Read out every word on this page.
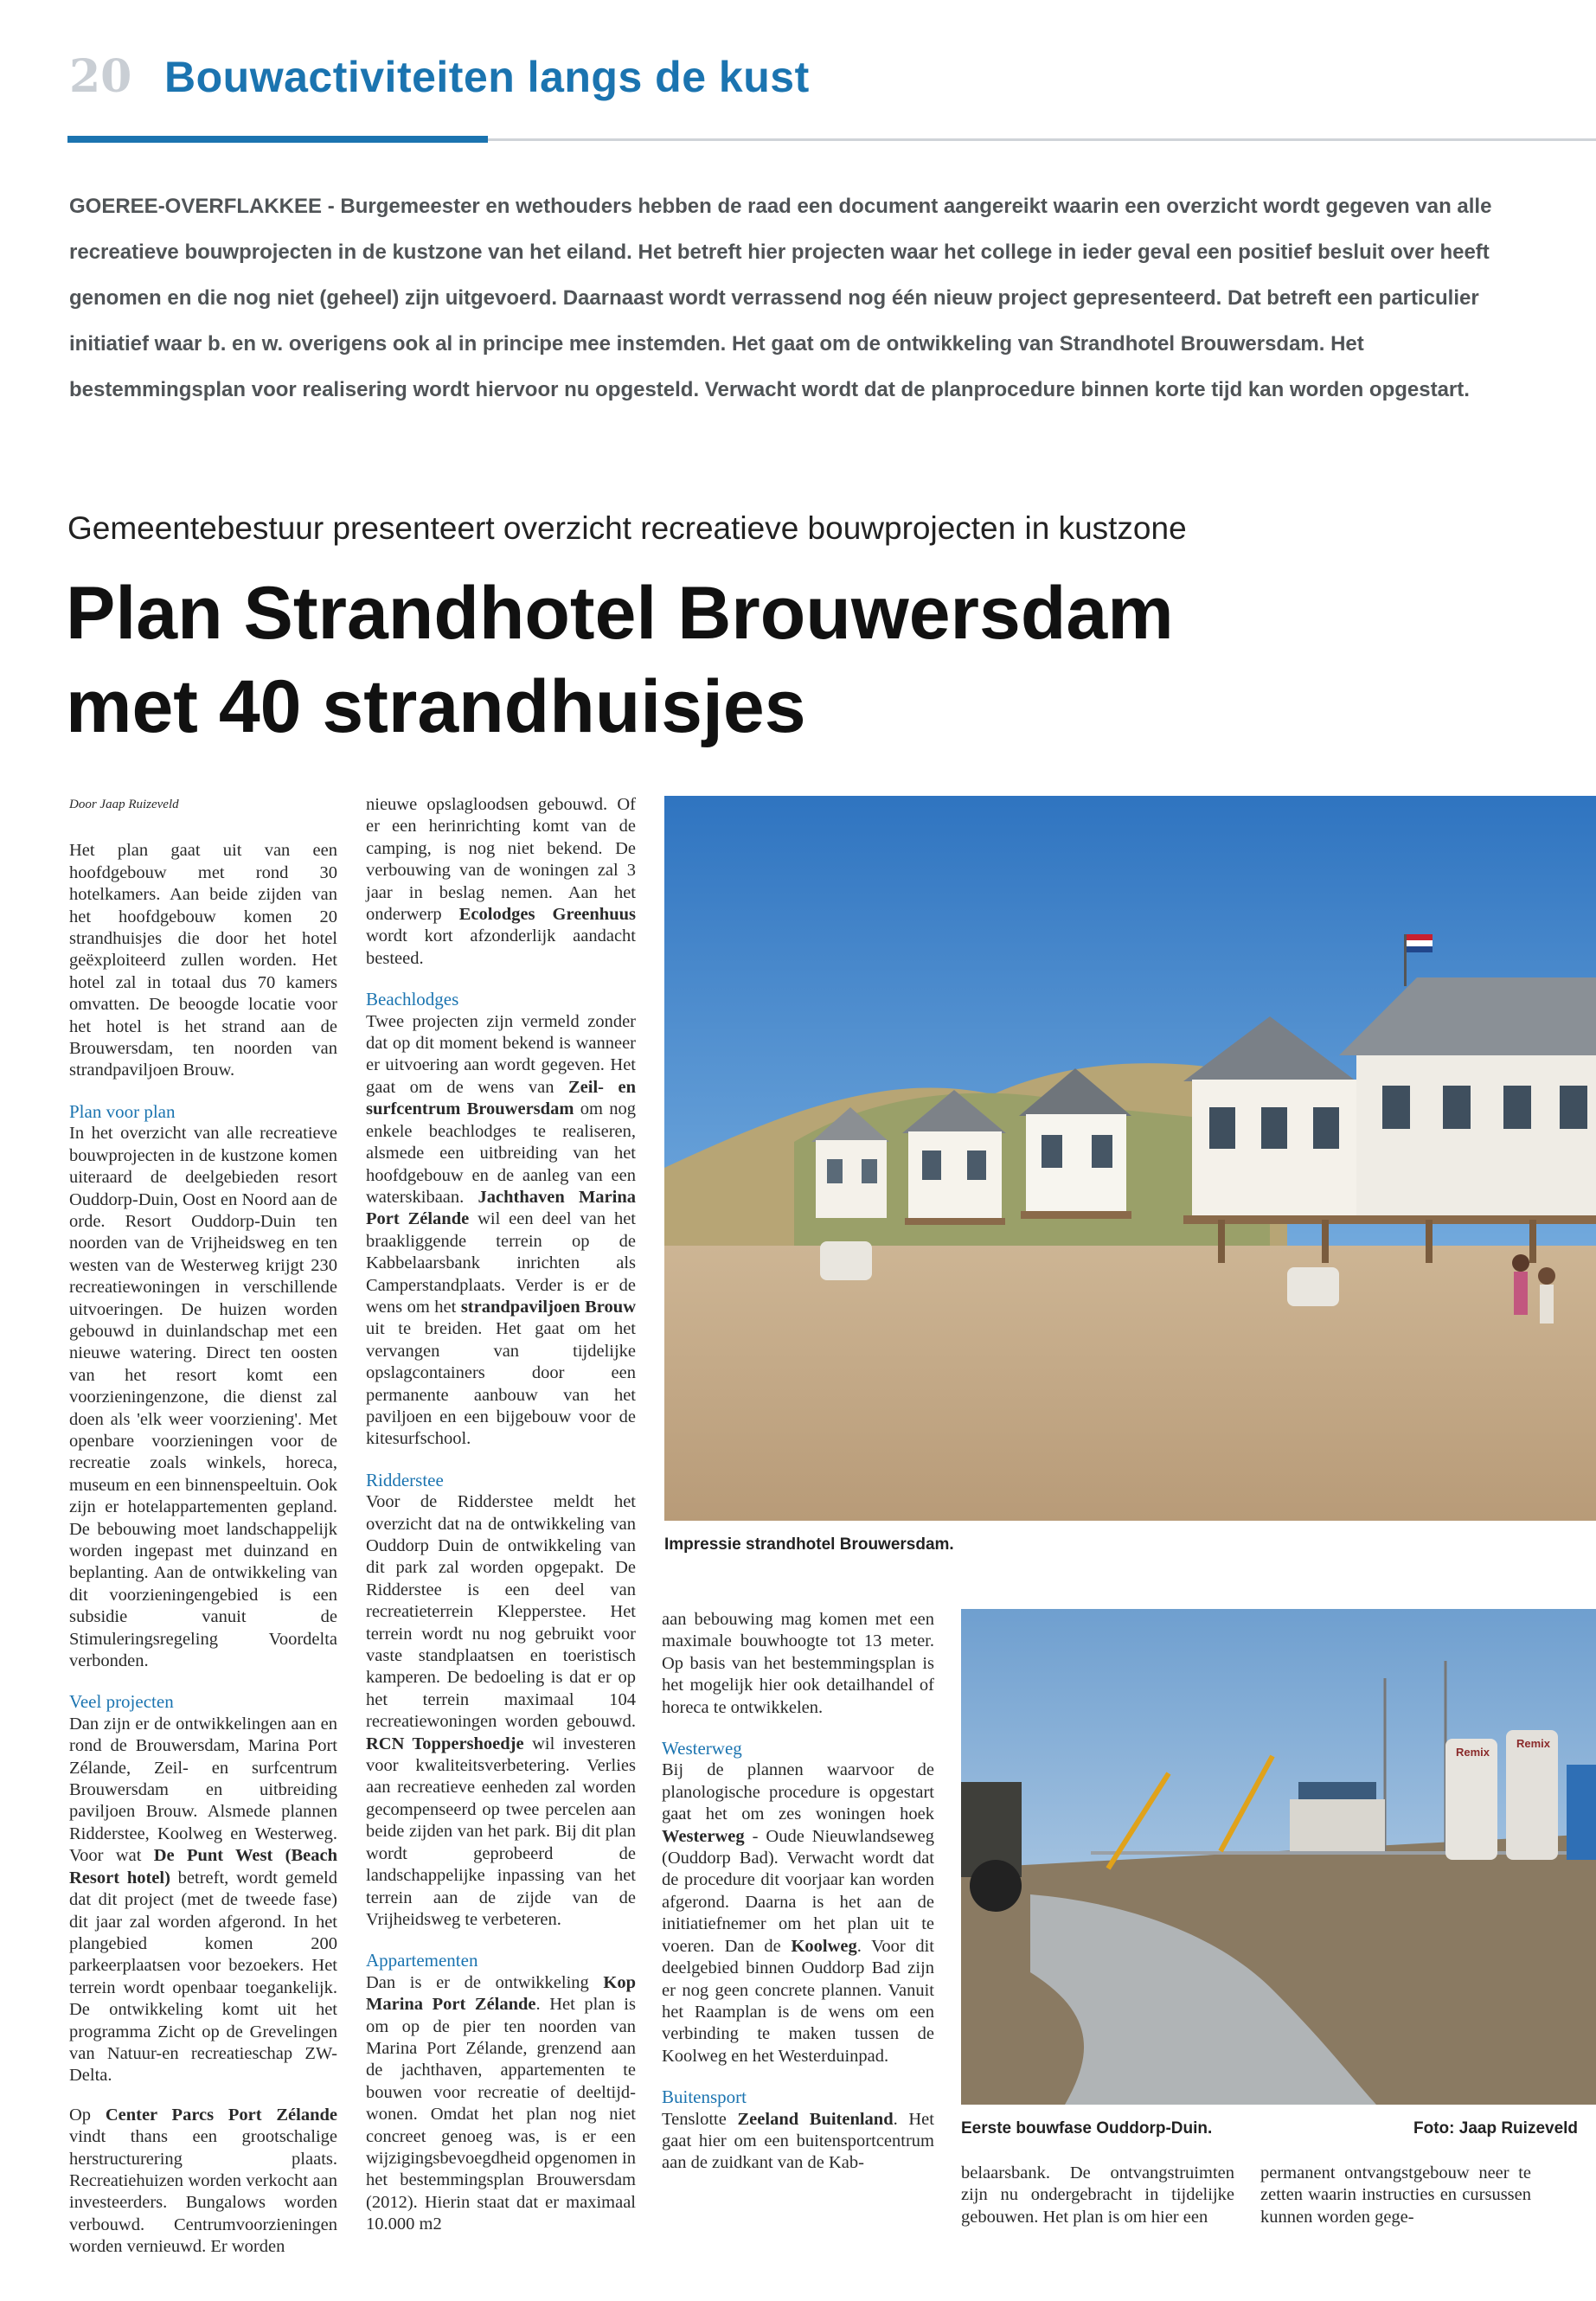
20 Bouwactiviteiten langs de kust

GOEREE-OVERFLAKKEE - Burgemeester en wethouders hebben de raad een document aangereikt waarin een overzicht wordt gegeven van alle recreatieve bouwprojecten in de kustzone van het eiland. Het betreft hier projecten waar het college in ieder geval een positief besluit over heeft genomen en die nog niet (geheel) zijn uitgevoerd. Daarnaast wordt verrassend nog één nieuw project gepresenteerd. Dat betreft een particulier initiatief waar b. en w. overigens ook al in principe mee instemden. Het gaat om de ontwikkeling van Strandhotel Brouwersdam. Het bestemmingsplan voor realisering wordt hiervoor nu opgesteld. Verwacht wordt dat de planprocedure binnen korte tijd kan worden opgestart.

Gemeentebestuur presenteert overzicht recreatieve bouwprojecten in kustzone
Plan Strandhotel Brouwersdam
met 40 strandhuisjes

Door Jaap Ruizeveld

Het plan gaat uit van een hoofdgebouw met rond 30 hotelkamers. Aan beide zijden van het hoofdgebouw komen 20 strandhuisjes die door het hotel geëxploiteerd zullen worden. Het hotel zal in totaal dus 70 kamers omvatten. De beoogde locatie voor het hotel is het strand aan de Brouwersdam, ten noorden van strandpaviljoen Brouw.

Plan voor plan

In het overzicht van alle recreatieve bouwprojecten in de kustzone komen uiteraard de deelgebieden resort Ouddorp-Duin, Oost en Noord aan de orde. Resort Ouddorp-Duin ten noorden van de Vrijheidsweg en ten westen van de Westerweg krijgt 230 recreatiewoningen in verschillende uitvoeringen. De huizen worden gebouwd in duinlandschap met een nieuwe watering. Direct ten oosten van het resort komt een voorzieningenzone, die dienst zal doen als 'elk weer voorziening'. Met openbare voorzieningen voor de recreatie zoals winkels, horeca, museum en een binnenspeeltuin. Ook zijn er hotelappartementen gepland. De bebouwing moet landschappelijk worden ingepast met duinzand en beplanting. Aan de ontwikkeling van dit voorzieningengebied is een subsidie vanuit de Stimuleringsregeling Voordelta verbonden.

Veel projecten

Dan zijn er de ontwikkelingen aan en rond de Brouwersdam, Marina Port Zélande, Zeil- en surfcentrum Brouwersdam en uitbreiding paviljoen Brouw. Alsmede plannen Ridderstee, Koolweg en Westerweg. Voor wat De Punt West (Beach Resort hotel) betreft, wordt gemeld dat dit project (met de tweede fase) dit jaar zal worden afgerond. In het plangebied komen 200 parkeerplaatsen voor bezoekers. Het terrein wordt openbaar toegankelijk. De ontwikkeling komt uit het programma Zicht op de Grevelingen van Natuur-en recreatieschap ZW-Delta.

Op Center Parcs Port Zélande vindt thans een grootschalige herstructurering plaats. Recreatiehuizen worden verkocht aan investeerders. Bungalows worden verbouwd. Centrumvoorzieningen worden vernieuwd. Er worden

nieuwe opslagloodsen gebouwd. Of er een herinrichting komt van de camping, is nog niet bekend. De verbouwing van de woningen zal 3 jaar in beslag nemen. Aan het onderwerp Ecolodges Greenhuus wordt kort afzonderlijk aandacht besteed.

Beachlodges

Twee projecten zijn vermeld zonder dat op dit moment bekend is wanneer er uitvoering aan wordt gegeven. Het gaat om de wens van Zeil- en surfcentrum Brouwersdam om nog enkele beachlodges te realiseren, alsmede een uitbreiding van het hoofdgebouw en de aanleg van een waterskibaan. Jachthaven Marina Port Zélande wil een deel van het braakliggende terrein op de Kabbelaarsbank inrichten als Camperstandplaats. Verder is er de wens om het strandpaviljoen Brouw uit te breiden. Het gaat om het vervangen van tijdelijke opslagcontainers door een permanente aanbouw van het paviljoen en een bijgebouw voor de kitesurfschool.

Ridderstee

Voor de Ridderstee meldt het overzicht dat na de ontwikkeling van Ouddorp Duin de ontwikkeling van dit park zal worden opgepakt. De Ridderstee is een deel van recreatieterrein Klepperstee. Het terrein wordt nu nog gebruikt voor vaste standplaatsen en toeristisch kamperen. De bedoeling is dat er op het terrein maximaal 104 recreatiewoningen worden gebouwd. RCN Toppershoedje wil investeren voor kwaliteitsverbetering. Verlies aan recreatieve eenheden zal worden gecompenseerd op twee percelen aan beide zijden van het park. Bij dit plan wordt geprobeerd de landschappelijke inpassing van het terrein aan de zijde van de Vrijheidsweg te verbeteren.

Appartementen

Dan is er de ontwikkeling Kop Marina Port Zélande. Het plan is om op de pier ten noorden van Marina Port Zélande, grenzend aan de jachthaven, appartementen te bouwen voor recreatie of deeltijd-wonen. Omdat het plan nog niet concreet genoeg was, is er een wijzigingsbevoegdheid opgenomen in het bestemmingsplan Brouwersdam (2012). Hierin staat dat er maximaal 10.000 m2

Impressie strandhotel Brouwersdam.

aan bebouwing mag komen met een maximale bouwhoogte tot 13 meter. Op basis van het bestemmingsplan is het mogelijk hier ook detailhandel of horeca te ontwikkelen.

Westerweg

Bij de plannen waarvoor de planologische procedure is opgestart gaat het om zes woningen hoek Westerweg - Oude Nieuwlandseweg (Ouddorp Bad). Verwacht wordt dat de procedure dit voorjaar kan worden afgerond. Daarna is het aan de initiatiefnemer om het plan uit te voeren. Dan de Koolweg. Voor dit deelgebied binnen Ouddorp Bad zijn er nog geen concrete plannen. Vanuit het Raamplan is de wens om een verbinding te maken tussen de Koolweg en het Westerduinpad.

Buitensport

Tenslotte Zeeland Buitenland. Het gaat hier om een buitensportcentrum aan de zuidkant van de Kab-

Remix
Remix
Eerste bouwfase Ouddorp-Duin.	Foto: Jaap Ruizeveld

belaarsbank. De ontvangstruimten zijn nu ondergebracht in tijdelijke gebouwen. Het plan is om hier een

permanent ontvangstgebouw neer te zetten waarin instructies en cursussen kunnen worden gege-
